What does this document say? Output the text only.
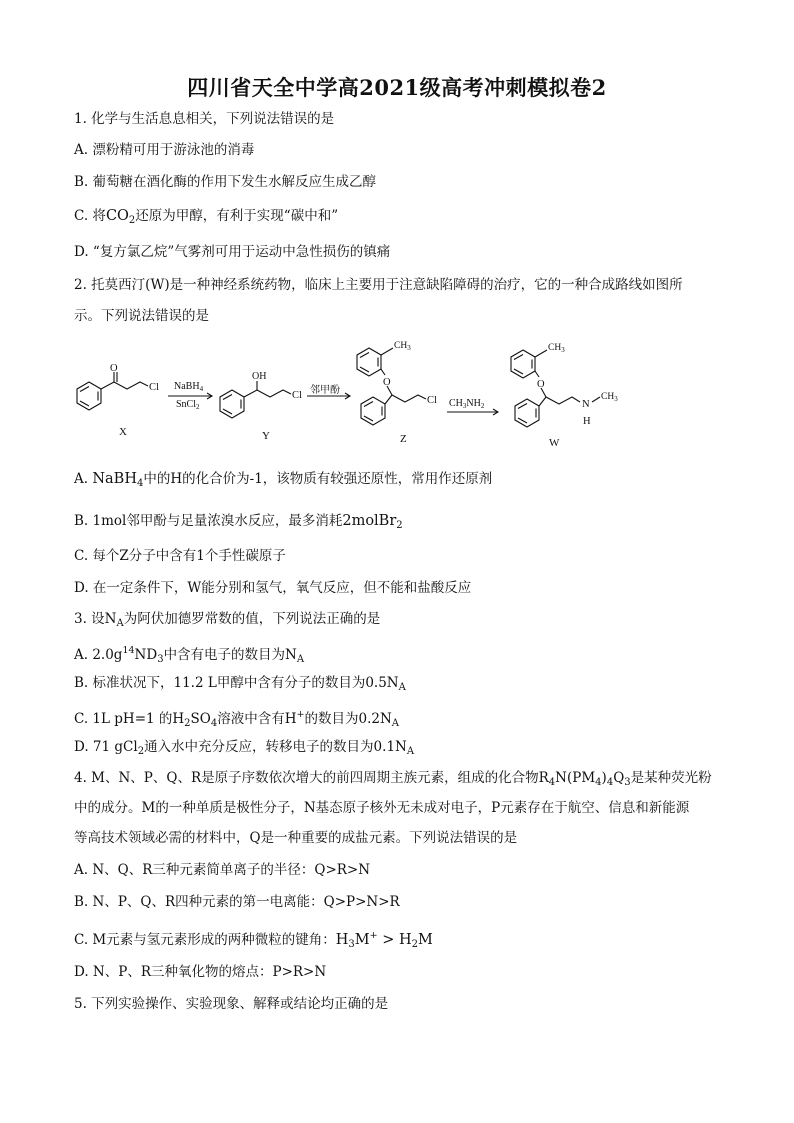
四川省天全中学高2021级高考冲刺模拟卷2
1. 化学与生活息息相关，下列说法错误的是
A. 漂粉精可用于游泳池的消毒
B. 葡萄糖在酒化酶的作用下发生水解反应生成乙醇
C. 将$CO_2$还原为甲醇，有利于实现“碳中和”
D. “复方氯乙烷”气雾剂可用于运动中急性损伤的镇痛
2. 托莫西汀(W)是一种神经系统药物，临床上主要用于注意缺陷障碍的治疗，它的一种合成路线如图所
示。下列说法错误的是
O
Cl
X
NaBH$_4$
SnCl$_2$
OH
Cl
Y
邻甲酚
$CH_3$
O
Cl
Z
$CH_3NH_2$
$CH_3$
O
N
H
$CH_3$
W
A. NaBH$_4$中的H的化合价为-1，该物质有较强还原性，常用作还原剂
B. 1mol邻甲酚与足量浓溴水反应，最多消耗2molBr$_2$
C. 每个Z分子中含有1个手性碳原子
D. 在一定条件下，W能分别和氢气，氧气反应，但不能和盐酸反应
3. 设$N_A$为阿伏加德罗常数的值，下列说法正确的是
A. $2.0g^{14}ND_3$中含有电子的数目为$N_A$
B. 标准状况下，11.2 L甲醇中含有分子的数目为$0.5N_A$
C. 1L pH=1 的$H_2SO_4$溶液中含有H+的数目为$0.2N_A$
D. 71 gCl$_2$通入水中充分反应，转移电子的数目为$0.1N_A$
4. M、N、P、Q、R是原子序数依次增大的前四周期主族元素，组成的化合物$R_4N(PM_4)_4Q_3$是某种荧光粉
中的成分。M的一种单质是极性分子，N基态原子核外无未成对电子，P元素存在于航空、信息和新能源
等高技术领域必需的材料中，Q是一种重要的成盐元素。下列说法错误的是
A. N、Q、R三种元素简单离子的半径：Q>R>N
B. N、P、Q、R四种元素的第一电离能：Q>P>N>R
C. M元素与氢元素形成的两种微粒的键角：$H_3M^+ > H_2M$
D. N、P、R三种氧化物的熔点：P>R>N
5. 下列实验操作、实验现象、解释或结论均正确的是
